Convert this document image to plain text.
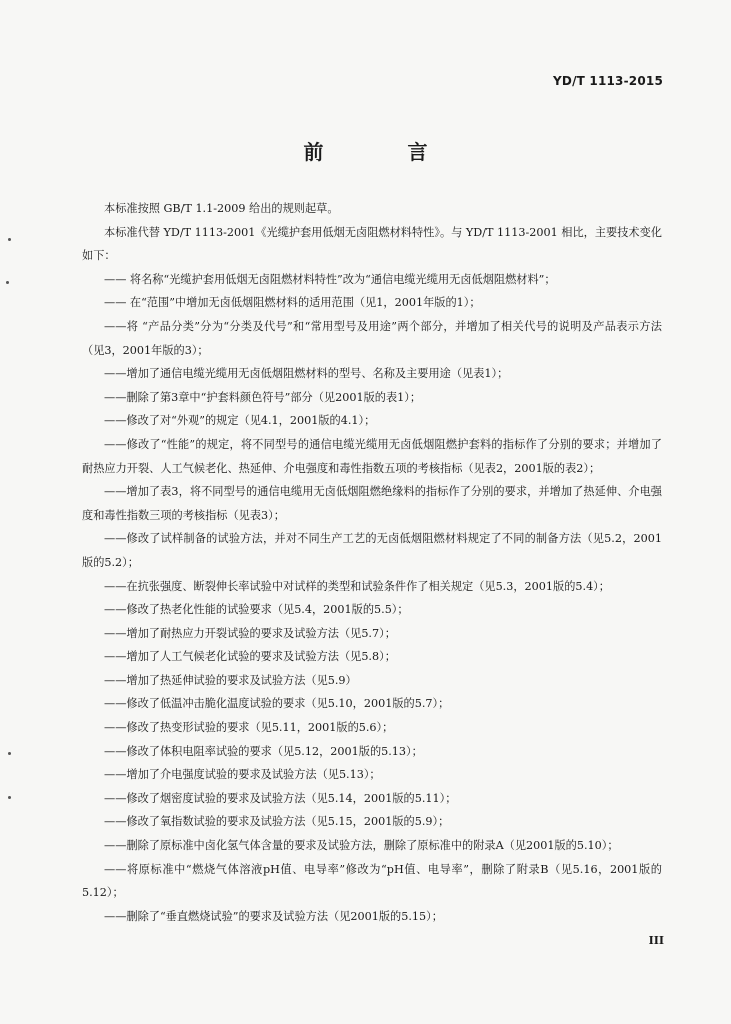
YD/T 1113-2015
前　言

本标准按照 GB/T 1.1-2009 给出的规则起草。

本标准代替 YD/T 1113-2001《光缆护套用低烟无卤阻燃材料特性》。与 YD/T 1113-2001 相比，主要技术变化如下：

—— 将名称“光缆护套用低烟无卤阻燃材料特性”改为“通信电缆光缆用无卤低烟阻燃材料”；

—— 在“范围”中增加无卤低烟阻燃材料的适用范围（见1，2001年版的1）；

——将 “产品分类”分为“分类及代号”和“常用型号及用途”两个部分，并增加了相关代号的说明及产品表示方法（见3，2001年版的3）；

——增加了通信电缆光缆用无卤低烟阻燃材料的型号、名称及主要用途（见表1）；

——删除了第3章中“护套料颜色符号”部分（见2001版的表1）；

——修改了对“外观”的规定（见4.1，2001版的4.1）；

——修改了“性能”的规定，将不同型号的通信电缆光缆用无卤低烟阻燃护套料的指标作了分别的要求；并增加了耐热应力开裂、人工气候老化、热延伸、介电强度和毒性指数五项的考核指标（见表2，2001版的表2）；

——增加了表3，将不同型号的通信电缆用无卤低烟阻燃绝缘料的指标作了分别的要求，并增加了热延伸、介电强度和毒性指数三项的考核指标（见表3）；

——修改了试样制备的试验方法，并对不同生产工艺的无卤低烟阻燃材料规定了不同的制备方法（见5.2，2001版的5.2）；

——在抗张强度、断裂伸长率试验中对试样的类型和试验条件作了相关规定（见5.3，2001版的5.4）；

——修改了热老化性能的试验要求（见5.4，2001版的5.5）；

——增加了耐热应力开裂试验的要求及试验方法（见5.7）；

——增加了人工气候老化试验的要求及试验方法（见5.8）；

——增加了热延伸试验的要求及试验方法（见5.9）

——修改了低温冲击脆化温度试验的要求（见5.10，2001版的5.7）；

——修改了热变形试验的要求（见5.11，2001版的5.6）；

——修改了体积电阻率试验的要求（见5.12，2001版的5.13）；

——增加了介电强度试验的要求及试验方法（见5.13）；

——修改了烟密度试验的要求及试验方法（见5.14，2001版的5.11）；

——修改了氧指数试验的要求及试验方法（见5.15，2001版的5.9）；

——删除了原标准中卤化氢气体含量的要求及试验方法，删除了原标准中的附录A（见2001版的5.10）；

——将原标准中“燃烧气体溶液pH值、电导率”修改为“pH值、电导率”，删除了附录B（见5.16，2001版的5.12）；

——删除了“垂直燃烧试验”的要求及试验方法（见2001版的5.15）；

III
